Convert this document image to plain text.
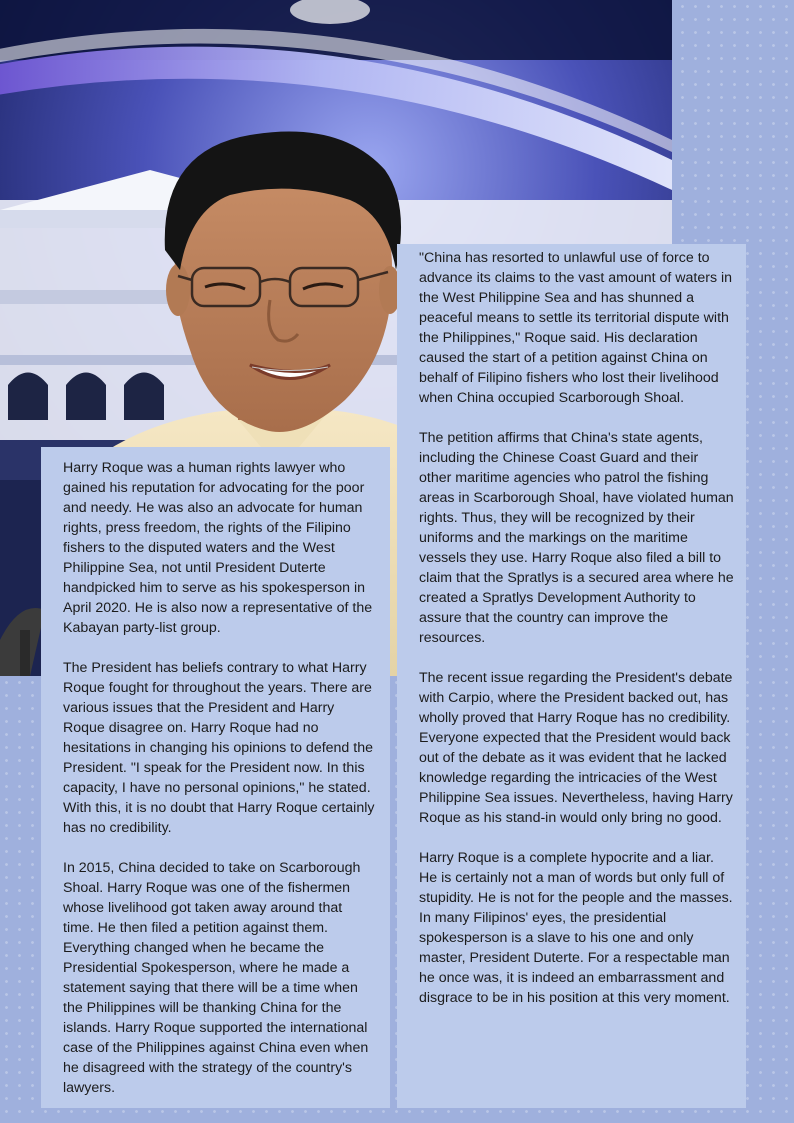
Harry Roque was a human rights lawyer who gained his reputation for advocating for the poor and needy. He was also an advocate for human rights, press freedom, the rights of the Filipino fishers to the disputed waters and the West Philippine Sea, not until President Duterte handpicked him to serve as his spokesperson in April 2020. He is also now a representative of the Kabayan party-list group.

The President has beliefs contrary to what Harry Roque fought for throughout the years. There are various issues that the President and Harry Roque disagree on. Harry Roque had no hesitations in changing his opinions to defend the President. "I speak for the President now. In this capacity, I have no personal opinions," he stated. With this, it is no doubt that Harry Roque certainly has no credibility.

In 2015, China decided to take on Scarborough Shoal. Harry Roque was one of the fishermen whose livelihood got taken away around that time. He then filed a petition against them. Everything changed when he became the Presidential Spokesperson, where he made a statement saying that there will be a time when the Philippines will be thanking China for the islands. Harry Roque supported the international case of the Philippines against China even when he disagreed with the strategy of the country's lawyers.

"China has resorted to unlawful use of force to advance its claims to the vast amount of waters in the West Philippine Sea and has shunned a peaceful means to settle its territorial dispute with the Philippines," Roque said. His declaration caused the start of a petition against China on behalf of Filipino fishers who lost their livelihood when China occupied Scarborough Shoal.

The petition affirms that China's state agents, including the Chinese Coast Guard and their other maritime agencies who patrol the fishing areas in Scarborough Shoal, have violated human rights. Thus, they will be recognized by their uniforms and the markings on the maritime vessels they use. Harry Roque also filed a bill to claim that the Spratlys is a secured area where he created a Spratlys Development Authority to assure that the country can improve the resources.

The recent issue regarding the President's debate with Carpio, where the President backed out, has wholly proved that Harry Roque has no credibility. Everyone expected that the President would back out of the debate as it was evident that he lacked knowledge regarding the intricacies of the West Philippine Sea issues. Nevertheless, having Harry Roque as his stand-in would only bring no good.

Harry Roque is a complete hypocrite and a liar. He is certainly not a man of words but only full of stupidity. He is not for the people and the masses. In many Filipinos' eyes, the presidential spokesperson is a slave to his one and only master, President Duterte. For a respectable man he once was, it is indeed an embarrassment and disgrace to be in his position at this very moment.
